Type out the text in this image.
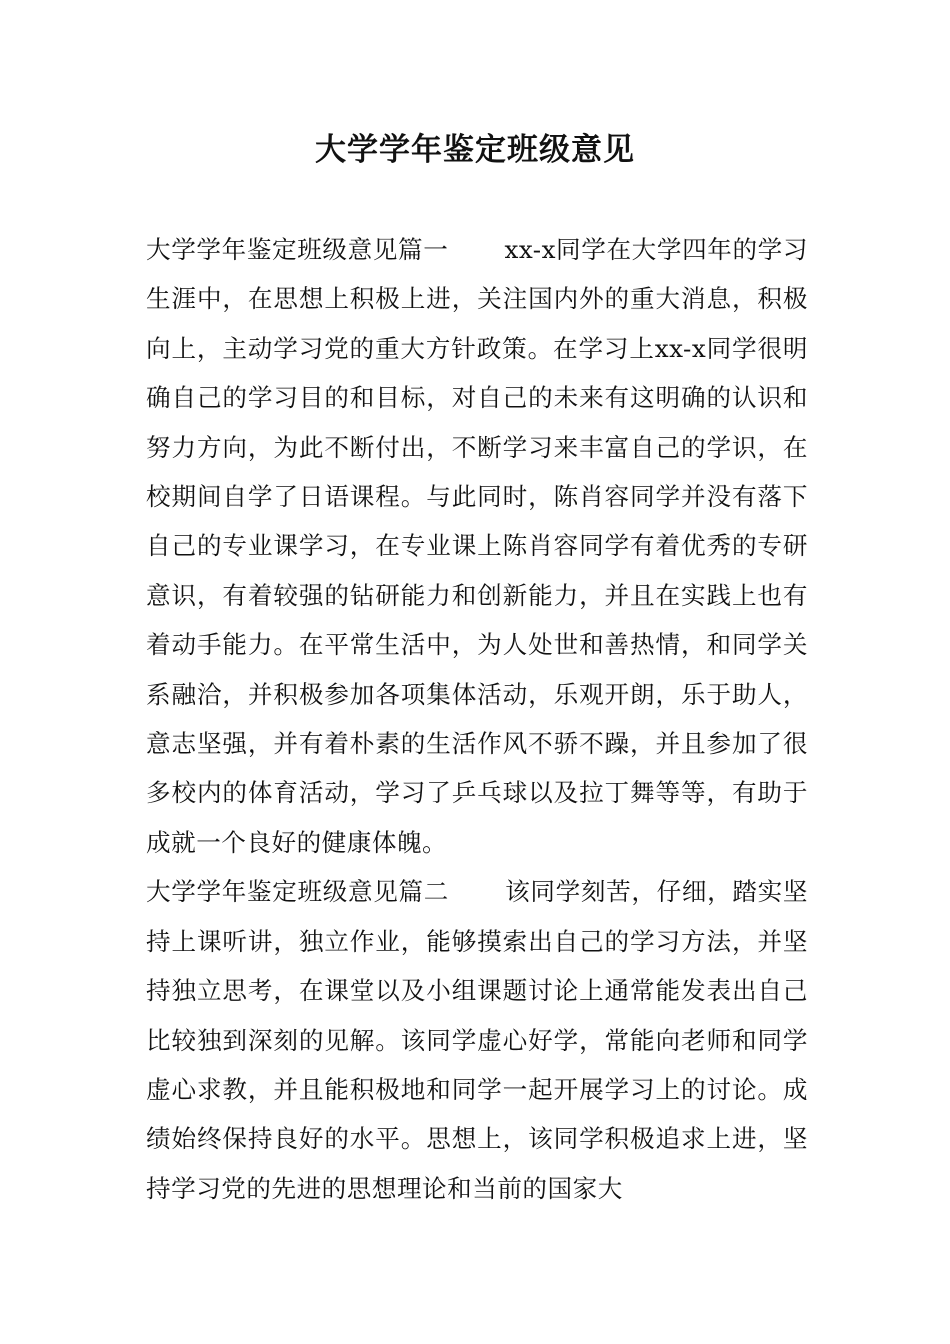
大学学年鉴定班级意见

大学学年鉴定班级意见篇一 xx-x同学在大学四年的学习生涯中，在思想上积极上进，关注国内外的重大消息，积极向上，主动学习党的重大方针政策。在学习上xx-x同学很明确自己的学习目的和目标，对自己的未来有这明确的认识和努力方向，为此不断付出，不断学习来丰富自己的学识，在校期间自学了日语课程。与此同时，陈肖容同学并没有落下自己的专业课学习，在专业课上陈肖容同学有着优秀的专研意识，有着较强的钻研能力和创新能力，并且在实践上也有着动手能力。在平常生活中，为人处世和善热情，和同学关系融洽，并积极参加各项集体活动，乐观开朗，乐于助人，意志坚强，并有着朴素的生活作风不骄不躁，并且参加了很多校内的体育活动，学习了乒乓球以及拉丁舞等等，有助于成就一个良好的健康体魄。

大学学年鉴定班级意见篇二 该同学刻苦，仔细，踏实坚持上课听讲，独立作业，能够摸索出自己的学习方法，并坚持独立思考，在课堂以及小组课题讨论上通常能发表出自己比较独到深刻的见解。该同学虚心好学，常能向老师和同学虚心求教，并且能积极地和同学一起开展学习上的讨论。成绩始终保持良好的水平。思想上，该同学积极追求上进，坚持学习党的先进的思想理论和当前的国家大
